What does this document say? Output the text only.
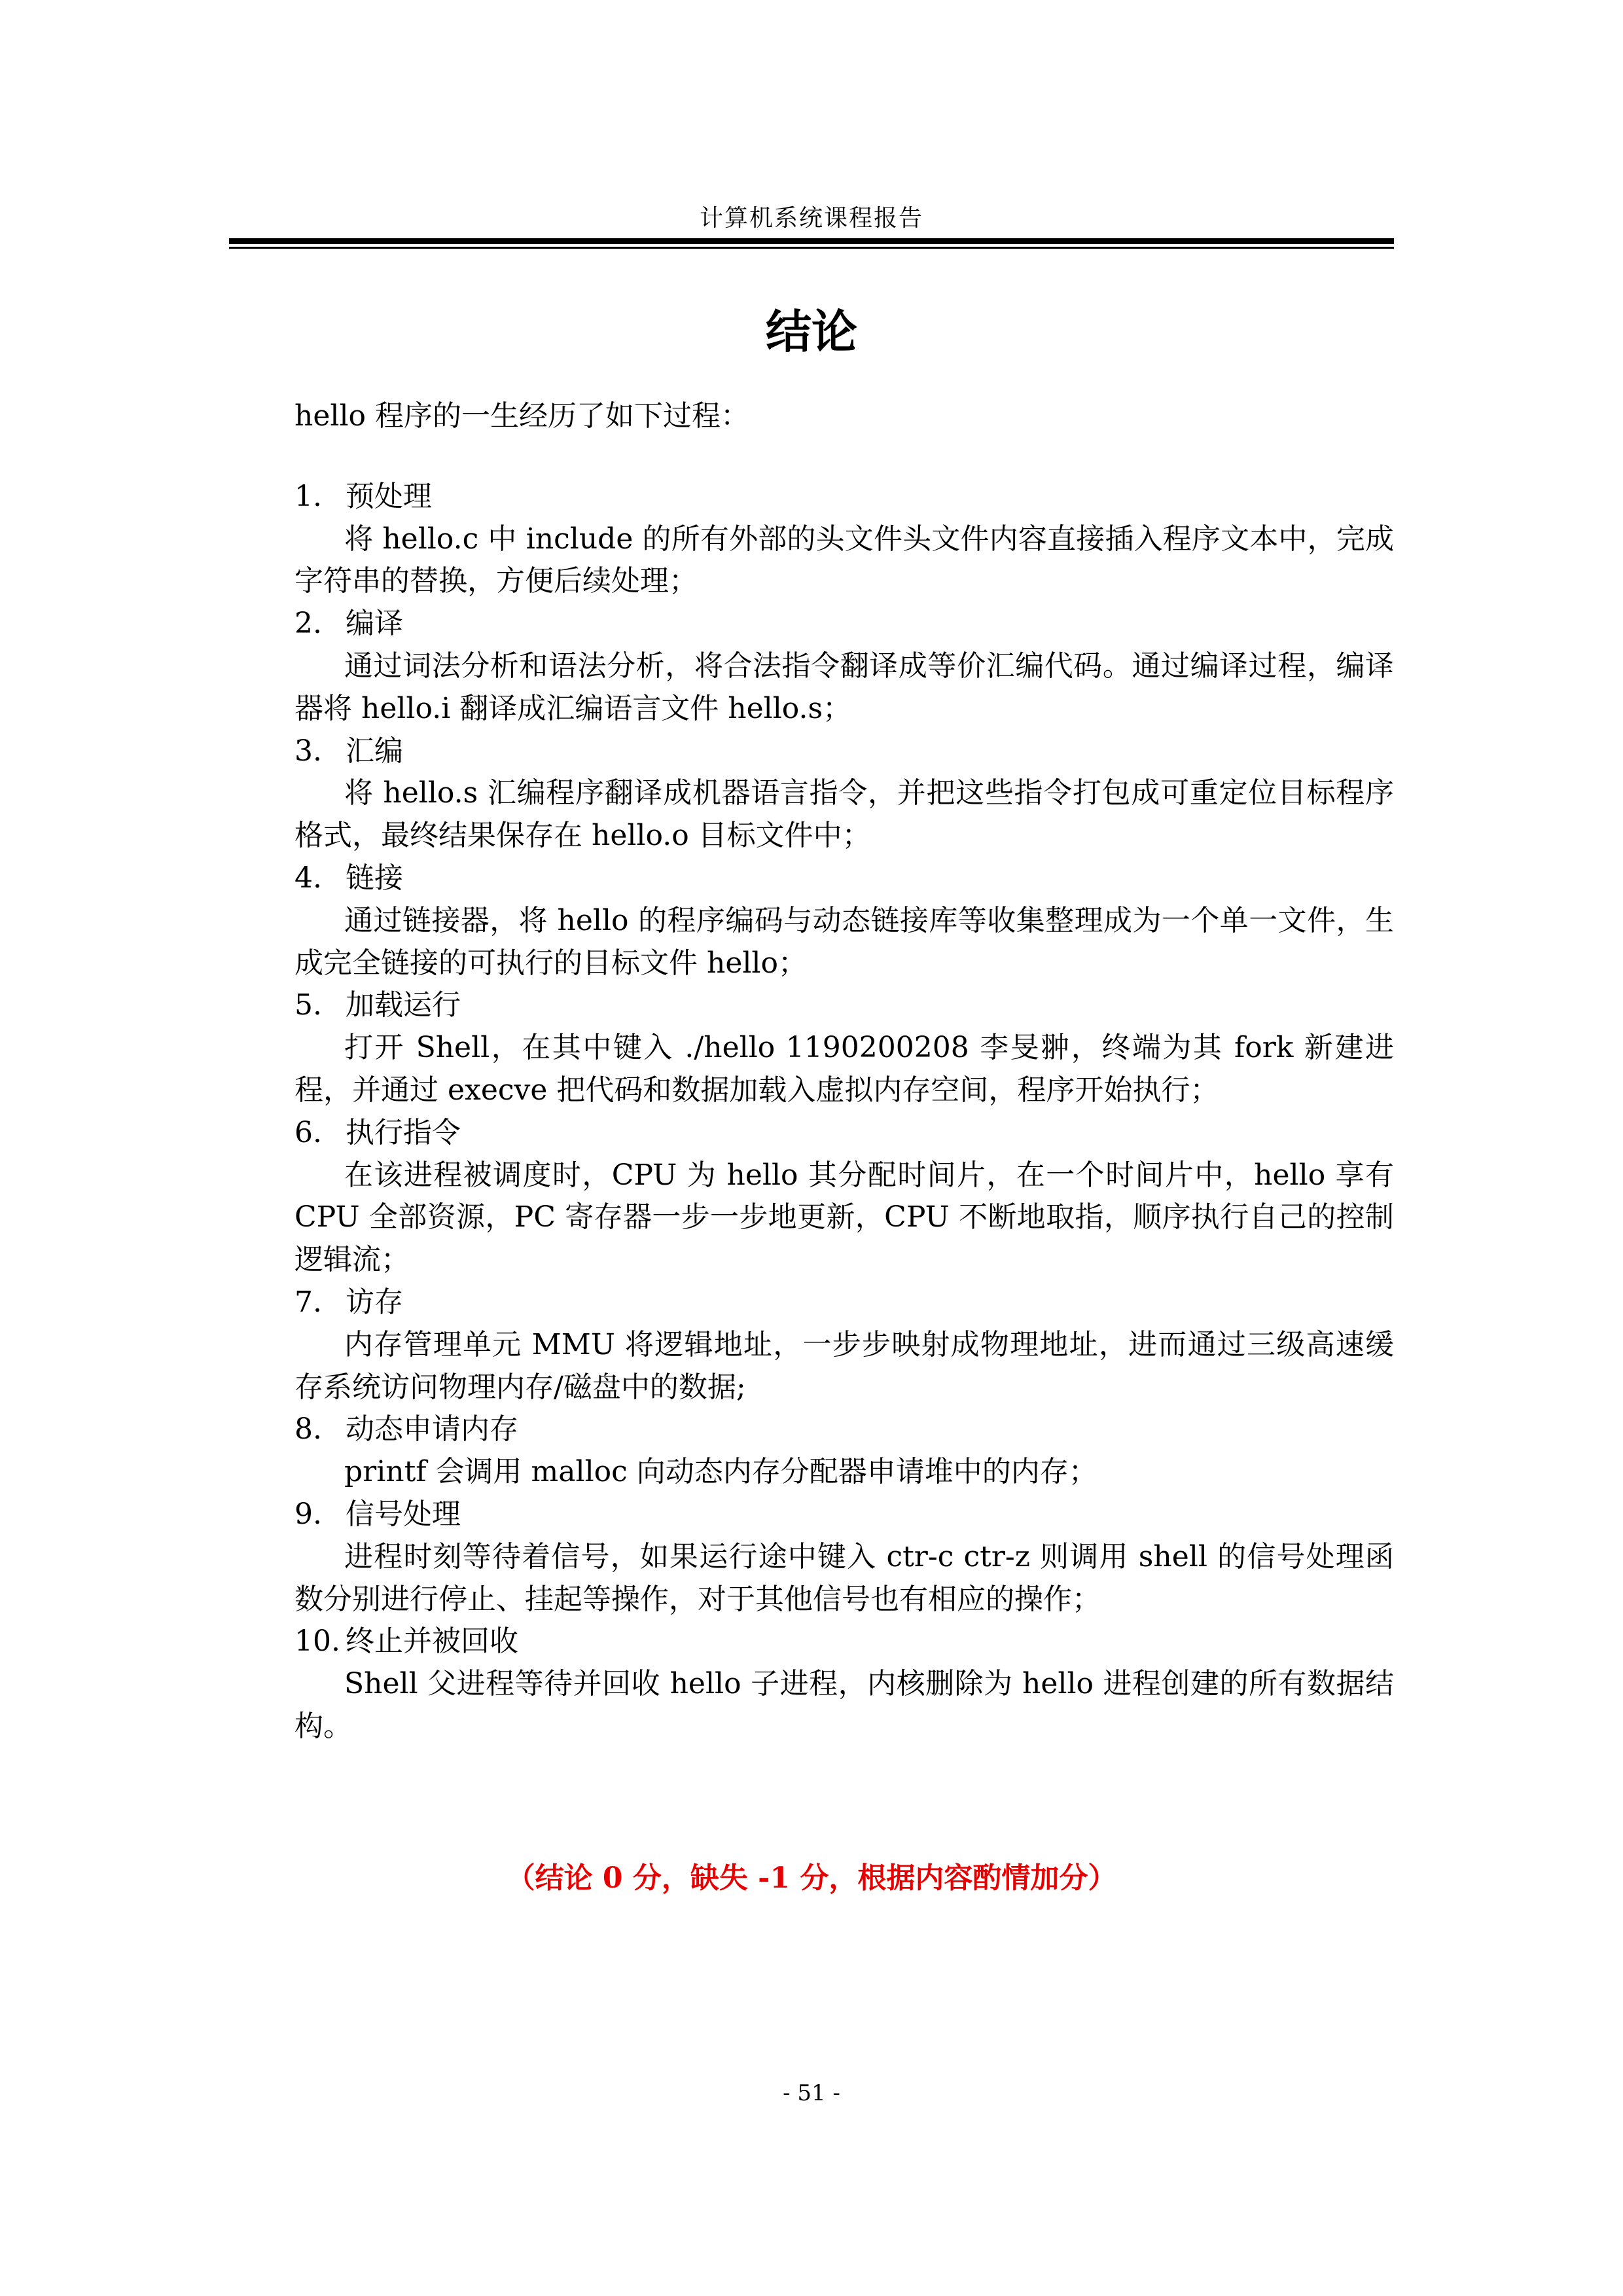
计算机系统课程报告
结论

hello 程序的一生经历了如下过程：

1. 预处理

将 hello.c 中 include 的所有外部的头文件头文件内容直接插入程序文本中，完成字符串的替换，方便后续处理；

2. 编译

通过词法分析和语法分析，将合法指令翻译成等价汇编代码。通过编译过程，编译器将 hello.i 翻译成汇编语言文件 hello.s；

3. 汇编

将 hello.s 汇编程序翻译成机器语言指令，并把这些指令打包成可重定位目标程序格式，最终结果保存在 hello.o 目标文件中；

4. 链接

通过链接器，将 hello 的程序编码与动态链接库等收集整理成为一个单一文件，生成完全链接的可执行的目标文件 hello；

5. 加载运行

打开 Shell，在其中键入 ./hello 1190200208 李旻翀，终端为其 fork 新建进程，并通过 execve 把代码和数据加载入虚拟内存空间，程序开始执行；

6. 执行指令

在该进程被调度时，CPU 为 hello 其分配时间片，在一个时间片中，hello 享有 CPU 全部资源，PC 寄存器一步一步地更新，CPU 不断地取指，顺序执行自己的控制逻辑流；

7. 访存

内存管理单元 MMU 将逻辑地址，一步步映射成物理地址，进而通过三级高速缓存系统访问物理内存/磁盘中的数据;

8. 动态申请内存

printf 会调用 malloc 向动态内存分配器申请堆中的内存；

9. 信号处理

进程时刻等待着信号，如果运行途中键入 ctr-c ctr-z 则调用 shell 的信号处理函数分别进行停止、挂起等操作，对于其他信号也有相应的操作；

10. 终止并被回收

Shell 父进程等待并回收 hello 子进程，内核删除为 hello 进程创建的所有数据结构。

（结论 0 分，缺失 -1 分，根据内容酌情加分）
- 51 -
